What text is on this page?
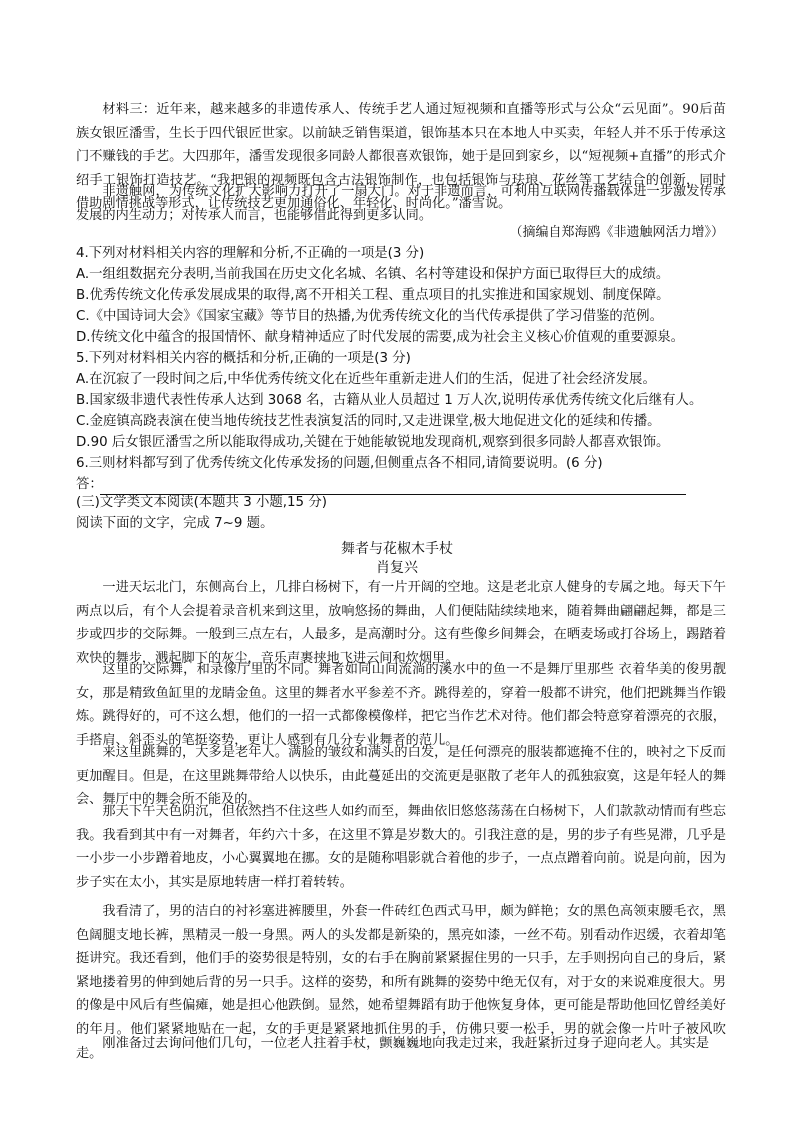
材料三：近年来，越来越多的非遗传承人、传统手艺人通过短视频和直播等形式与公众“云见面”。90后苗族女银匠潘雪，生长于四代银匠世家。以前缺乏销售渠道，银饰基本只在本地人中买卖，年轻人并不乐于传承这门不赚钱的手艺。大四那年，潘雪发现很多同龄人都很喜欢银饰，她于是回到家乡，以“短视频+直播”的形式介绍手工银饰打造技艺。“我把银的视频既包含古法银饰制作，也包括银饰与珐琅、花丝等工艺结合的创新，同时借助剧情挑战等形式，让传统技艺更加通俗化、年轻化、时尚化。”潘雪说。

非遗触网，为传统文化扩大影响力打开了一扇大门。对于非遗而言，可利用互联网传播载体进一步激发传承发展的内生动力；对传承人而言，也能够借此得到更多认同。

（摘编自郑海鸥《非遗触网活力增》）

4.下列对材料相关内容的理解和分析,不正确的一项是(3 分)

A.一组组数据充分表明,当前我国在历史文化名城、名镇、名村等建设和保护方面已取得巨大的成绩。

B.优秀传统文化传承发展成果的取得,离不开相关工程、重点项目的扎实推进和国家规划、制度保障。

C.《中国诗词大会》《国家宝藏》等节目的热播,为优秀传统文化的当代传承提供了学习借鉴的范例。

D.传统文化中蕴含的报国情怀、献身精神适应了时代发展的需要,成为社会主义核心价值观的重要源泉。

5.下列对材料相关内容的概括和分析,正确的一项是(3 分)

A.在沉寂了一段时间之后,中华优秀传统文化在近些年重新走进人们的生活，促进了社会经济发展。

B.国家级非遗代表性传承人达到 3068 名，古籍从业人员超过 1 万人次,说明传承优秀传统文化后继有人。

C.金庭镇高跷表演在使当地传统技艺性表演复活的同时,又走进课堂,极大地促进文化的延续和传播。

D.90 后女银匠潘雪之所以能取得成功,关键在于她能敏锐地发现商机,观察到很多同龄人都喜欢银饰。

6.三则材料都写到了优秀传统文化传承发扬的问题,但侧重点各不相同,请简要说明。(6 分)

答：

(三)文学类文本阅读(本题共 3 小题,15 分)

阅读下面的文字，完成 7~9 题。

舞者与花椒木手杖

肖复兴

一进天坛北门，东侧高台上，几排白杨树下，有一片开阔的空地。这是老北京人健身的专属之地。每天下午两点以后，有个人会提着录音机来到这里，放响悠扬的舞曲，人们便陆陆续续地来，随着舞曲翩翩起舞，都是三步或四步的交际舞。一般到三点左右，人最多，是高潮时分。这有些像乡间舞会，在晒麦场或打谷场上，踢踏着欢快的舞步，溅起脚下的灰尘，音乐声裹挟地飞进云间和炊烟里。

这里的交际舞，和录像厅里的不同。舞者如同山间流淌的溪水中的鱼一不是舞厅里那些 衣着华美的俊男靓女，那是精致鱼缸里的龙睛金鱼。这里的舞者水平参差不齐。跳得差的，穿着一般都不讲究，他们把跳舞当作锻炼。跳得好的，可不这么想，他们的一招一式都像模像样，把它当作艺术对待。他们都会特意穿着漂亮的衣服，手搭肩、斜歪头的笔挺姿势，更让人感到有几分专业舞者的范儿。

来这里跳舞的，大多是老年人。满脸的皱纹和满头的白发，是任何漂亮的服装都遮掩不住的，映衬之下反而更加醒目。但是，在这里跳舞带给人以快乐，由此蔓延出的交流更是驱散了老年人的孤独寂寞，这是年轻人的舞会、舞厅中的舞会所不能及的。

那天下午天色阴沉，但依然挡不住这些人如约而至，舞曲依旧悠悠荡荡在白杨树下，人们款款动情而有些忘我。我看到其中有一对舞者，年约六十多，在这里不算是岁数大的。引我注意的是，男的步子有些晃滞，几乎是一小步一小步蹭着地皮，小心翼翼地在挪。女的是随称唱影就合着他的步子，一点点蹭着向前。说是向前，因为步子实在太小，其实是原地转唐一样打着转转。

我看清了，男的洁白的衬衫塞进裤腰里，外套一件砖红色西式马甲，颇为鲜艳；女的黑色高领束腰毛衣，黑色阔腿支地长裤，黑精灵一般一身黑。两人的头发都是新染的，黑亮如漆，一丝不苟。别看动作迟缓，衣着却笔挺讲究。我还看到，他们手的姿势很是特别，女的右手在胸前紧紧握住男的一只手，左手则拐向自己的身后，紧紧地搂着男的伸到她后背的另一只手。这样的姿势，和所有跳舞的姿势中绝无仅有，对于女的来说难度很大。男的像是中风后有些偏瘫，她是担心他跌倒。显然，她希望舞蹈有助于他恢复身体，更可能是帮助他回忆曾经美好的年月。他们紧紧地贴在一起，女的手更是紧紧地抓住男的手，仿佛只要一松手，男的就会像一片叶子被风吹走。

刚准备过去询问他们几句，一位老人拄着手杖，颤巍巍地向我走过来，我赶紧折过身子迎向老人。其实是
